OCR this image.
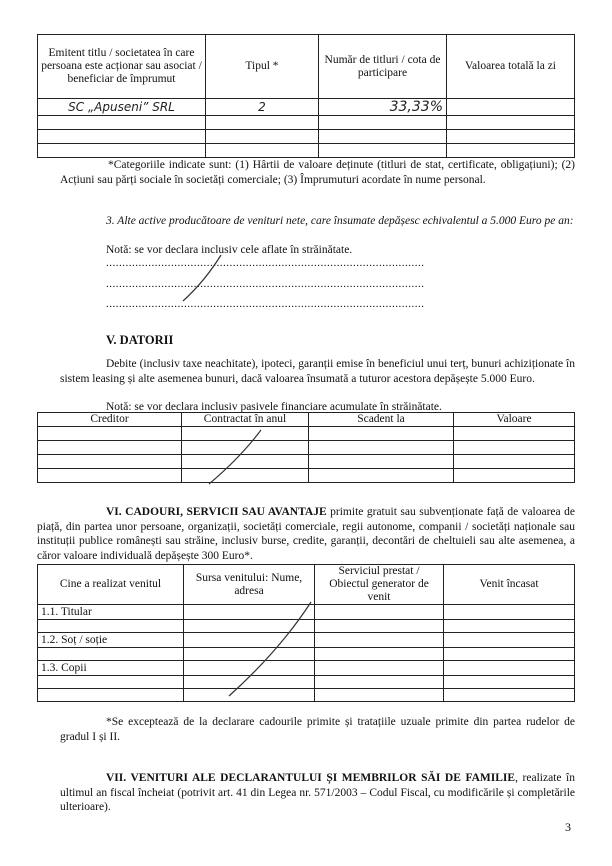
Emitent titlu / societatea în care persoana este acționar sau asociat / beneficiar de împrumut	Tipul *	Număr de titluri / cota de participare	Valoarea totală la zi
SC „Apuseni” SRL	2	33,33%	

*Categoriile indicate sunt: (1) Hârtii de valoare deținute (titluri de stat, certificate, obligațiuni); (2) Acțiuni sau părți sociale în societăți comerciale; (3) Împrumuturi acordate în nume personal.
3. Alte active producătoare de venituri nete, care însumate depășesc echivalentul a 5.000 Euro pe an:
Notă: se vor declara inclusiv cele aflate în străinătate.
..................................................................................................
..................................................................................................
..................................................................................................
V. DATORII
Debite (inclusiv taxe neachitate), ipoteci, garanții emise în beneficiul unui terț, bunuri achiziționate în sistem leasing și alte asemenea bunuri, dacă valoarea însumată a tuturor acestora depășește 5.000 Euro.
Notă: se vor declara inclusiv pasivele financiare acumulate în străinătate.
Creditor	Contractat în anul	Scadent la	Valoare

VI. CADOURI, SERVICII SAU AVANTAJE primite gratuit sau subvenționate față de valoarea de piață, din partea unor persoane, organizații, societăți comerciale, regii autonome, companii / societăți naționale sau instituții publice românești sau străine, inclusiv burse, credite, garanții, decontări de cheltuieli sau alte asemenea, a căror valoare individuală depășește 300 Euro*.
Cine a realizat venitul	Sursa venitului: Nume, adresa	Serviciul prestat / Obiectul generator de venit	Venit încasat
1.1. Titular			

1.2. Soț / soție			

1.3. Copii			

*Se exceptează de la declarare cadourile primite și tratațiile uzuale primite din partea rudelor de gradul I și II.
VII. VENITURI ALE DECLARANTULUI ȘI MEMBRILOR SĂI DE FAMILIE, realizate în ultimul an fiscal încheiat (potrivit art. 41 din Legea nr. 571/2003 – Codul Fiscal, cu modificările și completările ulterioare).
3
